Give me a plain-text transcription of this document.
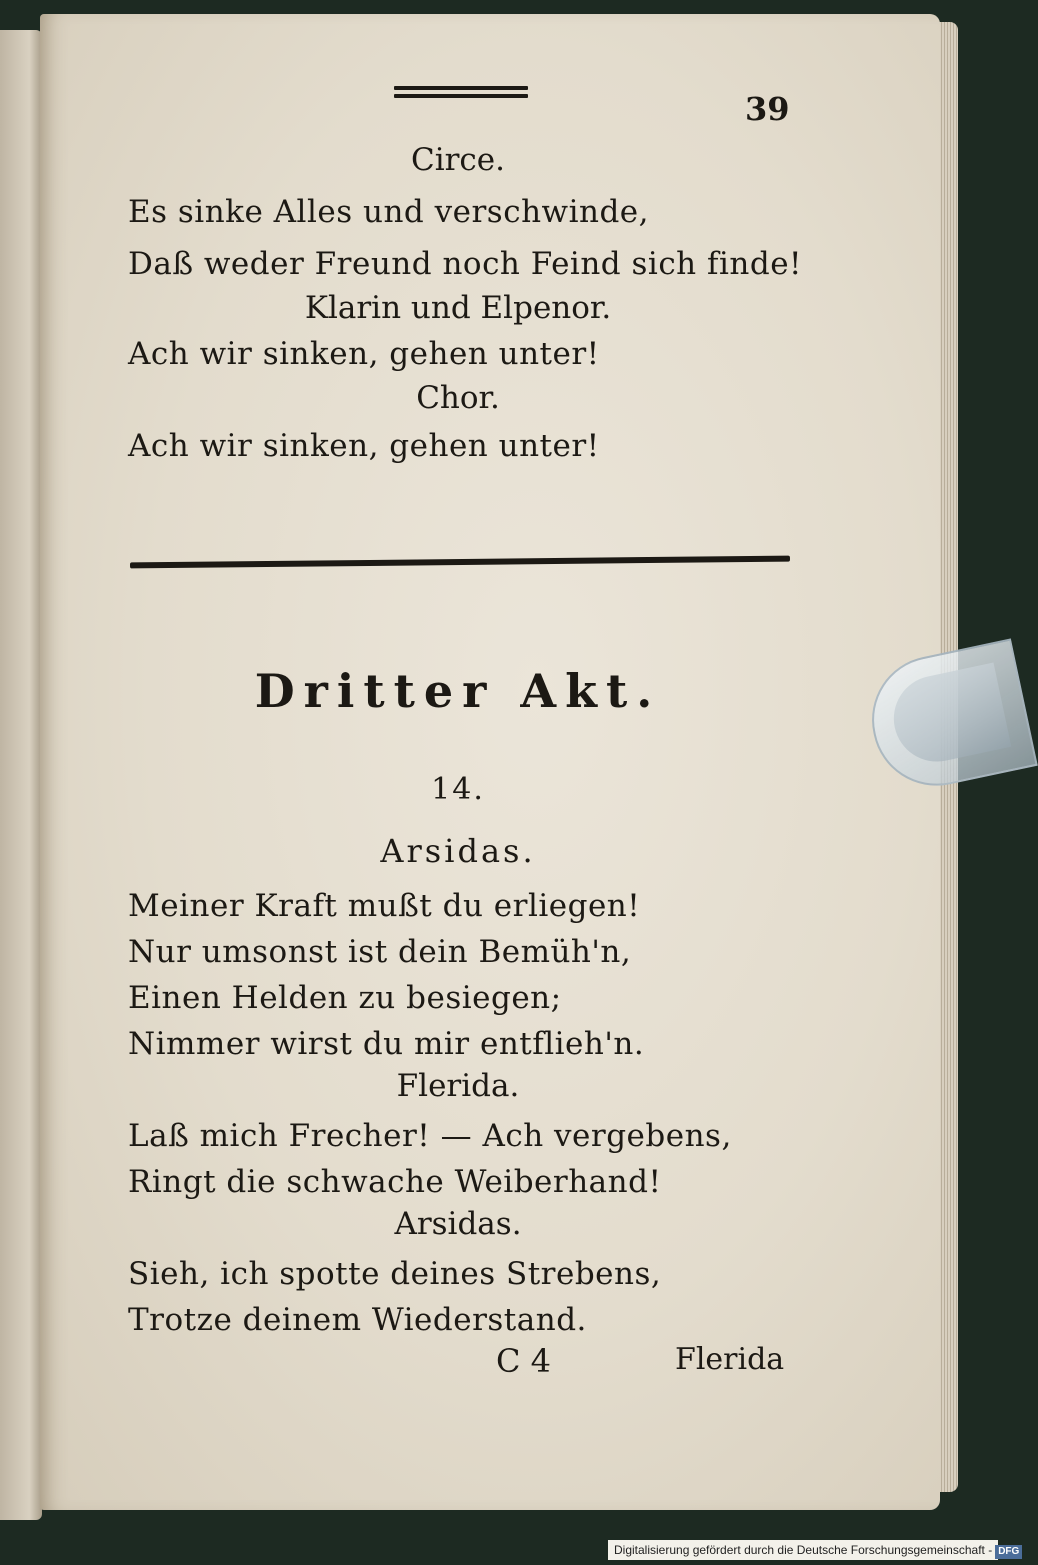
39
Circe.
Es sinke Alles und verschwinde,
Daß weder Freund noch Feind sich finde!
Klarin und Elpenor.
Ach wir sinken, gehen unter!
Chor.
Ach wir sinken, gehen unter!
Dritter Akt.
14.
Arsidas.
Meiner Kraft mußt du erliegen!
Nur umsonst ist dein Bemüh'n,
Einen Helden zu besiegen;
Nimmer wirst du mir entflieh'n.
Flerida.
Laß mich Frecher! — Ach vergebens,
Ringt die schwache Weiberhand!
Arsidas.
Sieh, ich spotte deines Strebens,
Trotze deinem Wiederstand.
C 4	Flerida
Digitalisierung gefördert durch die Deutsche Forschungsgemeinschaft - DFG
